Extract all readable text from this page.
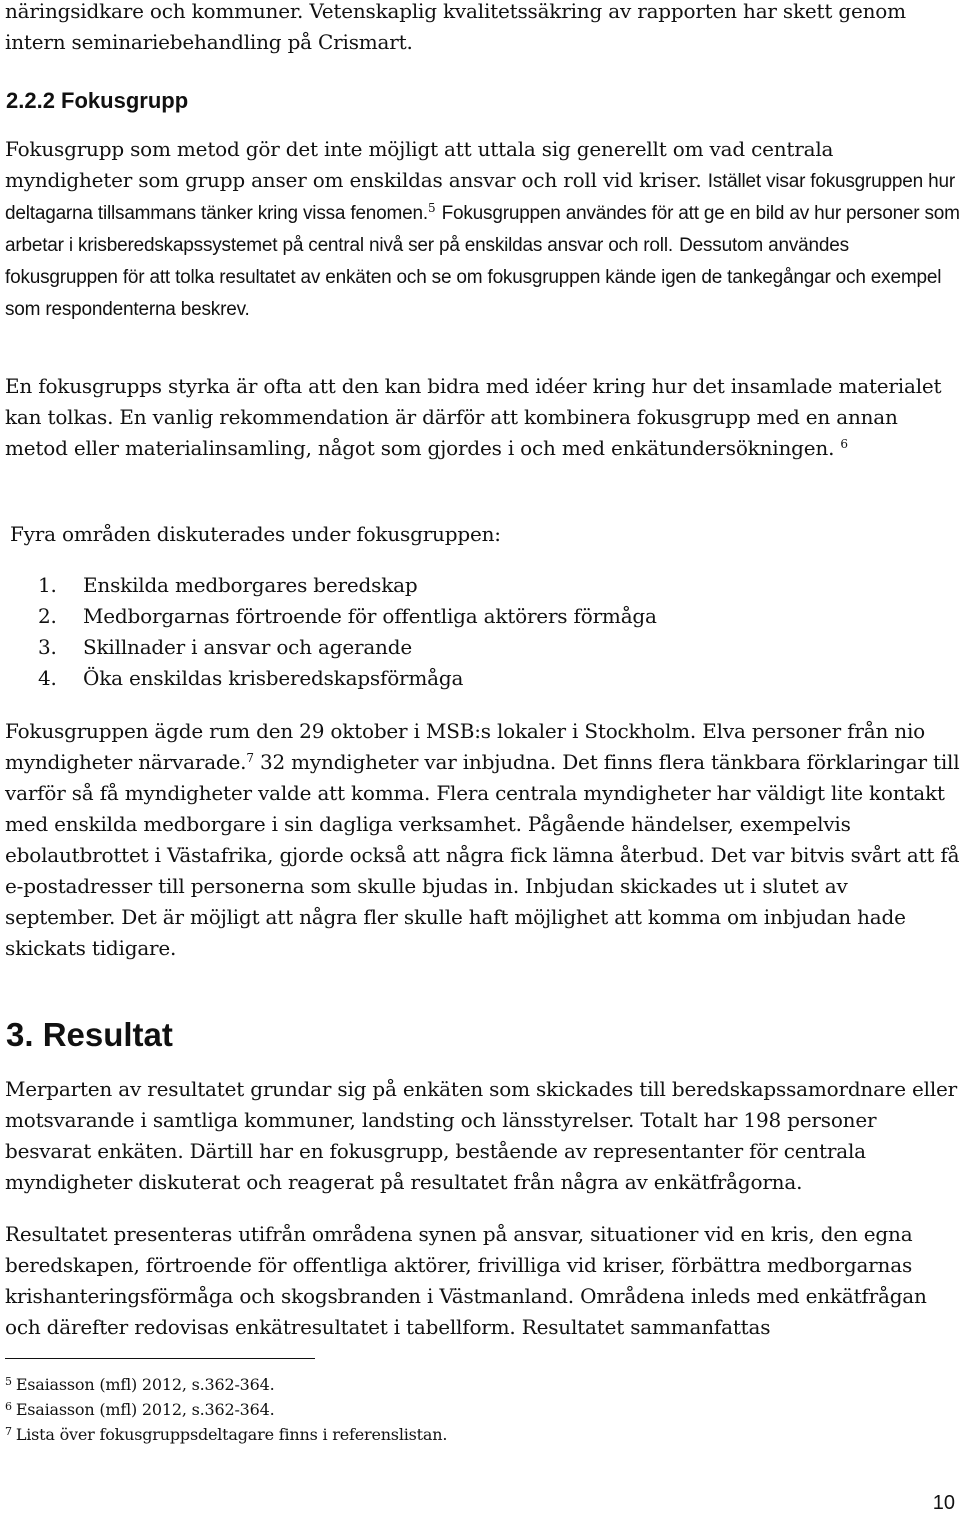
näringsidkare och kommuner. Vetenskaplig kvalitetssäkring av rapporten har skett genom intern seminariebehandling på Crismart.

2.2.2 Fokusgrupp

Fokusgrupp som metod gör det inte möjligt att uttala sig generellt om vad centrala myndigheter som grupp anser om enskildas ansvar och roll vid kriser. Istället visar fokusgruppen hur deltagarna tillsammans tänker kring vissa fenomen.$^5$ Fokusgruppen användes för att ge en bild av hur personer som arbetar i krisberedskapssystemet på central nivå ser på enskildas ansvar och roll. Dessutom användes fokusgruppen för att tolka resultatet av enkäten och se om fokusgruppen kände igen de tankegångar och exempel som respondenterna beskrev.

En fokusgrupps styrka är ofta att den kan bidra med idéer kring hur det insamlade materialet kan tolkas. En vanlig rekommendation är därför att kombinera fokusgrupp med en annan metod eller materialinsamling, något som gjordes i och med enkätundersökningen. $^6$

Fyra områden diskuterades under fokusgruppen:

1.	Enskilda medborgares beredskap
2.	Medborgarnas förtroende för offentliga aktörers förmåga
3.	Skillnader i ansvar och agerande
4.	Öka enskildas krisberedskapsförmåga

Fokusgruppen ägde rum den 29 oktober i MSB:s lokaler i Stockholm. Elva personer från nio myndigheter närvarade.$^7$ 32 myndigheter var inbjudna. Det finns flera tänkbara förklaringar till varför så få myndigheter valde att komma. Flera centrala myndigheter har väldigt lite kontakt med enskilda medborgare i sin dagliga verksamhet. Pågående händelser, exempelvis ebolautbrottet i Västafrika, gjorde också att några fick lämna återbud. Det var bitvis svårt att få e-postadresser till personerna som skulle bjudas in. Inbjudan skickades ut i slutet av september. Det är möjligt att några fler skulle haft möjlighet att komma om inbjudan hade skickats tidigare.

3. Resultat

Merparten av resultatet grundar sig på enkäten som skickades till beredskapssamordnare eller motsvarande i samtliga kommuner, landsting och länsstyrelser. Totalt har 198 personer besvarat enkäten. Därtill har en fokusgrupp, bestående av representanter för centrala myndigheter diskuterat och reagerat på resultatet från några av enkätfrågorna.

Resultatet presenteras utifrån områdena synen på ansvar, situationer vid en kris, den egna beredskapen, förtroende för offentliga aktörer, frivilliga vid kriser, förbättra medborgarnas krishanteringsförmåga och skogsbranden i Västmanland. Områdena inleds med enkätfrågan och därefter redovisas enkätresultatet i tabellform. Resultatet sammanfattas

$^5$ Esaiasson (mfl) 2012, s.362-364.
$^6$ Esaiasson (mfl) 2012, s.362-364.
$^7$ Lista över fokusgruppsdeltagare finns i referenslistan.
10
